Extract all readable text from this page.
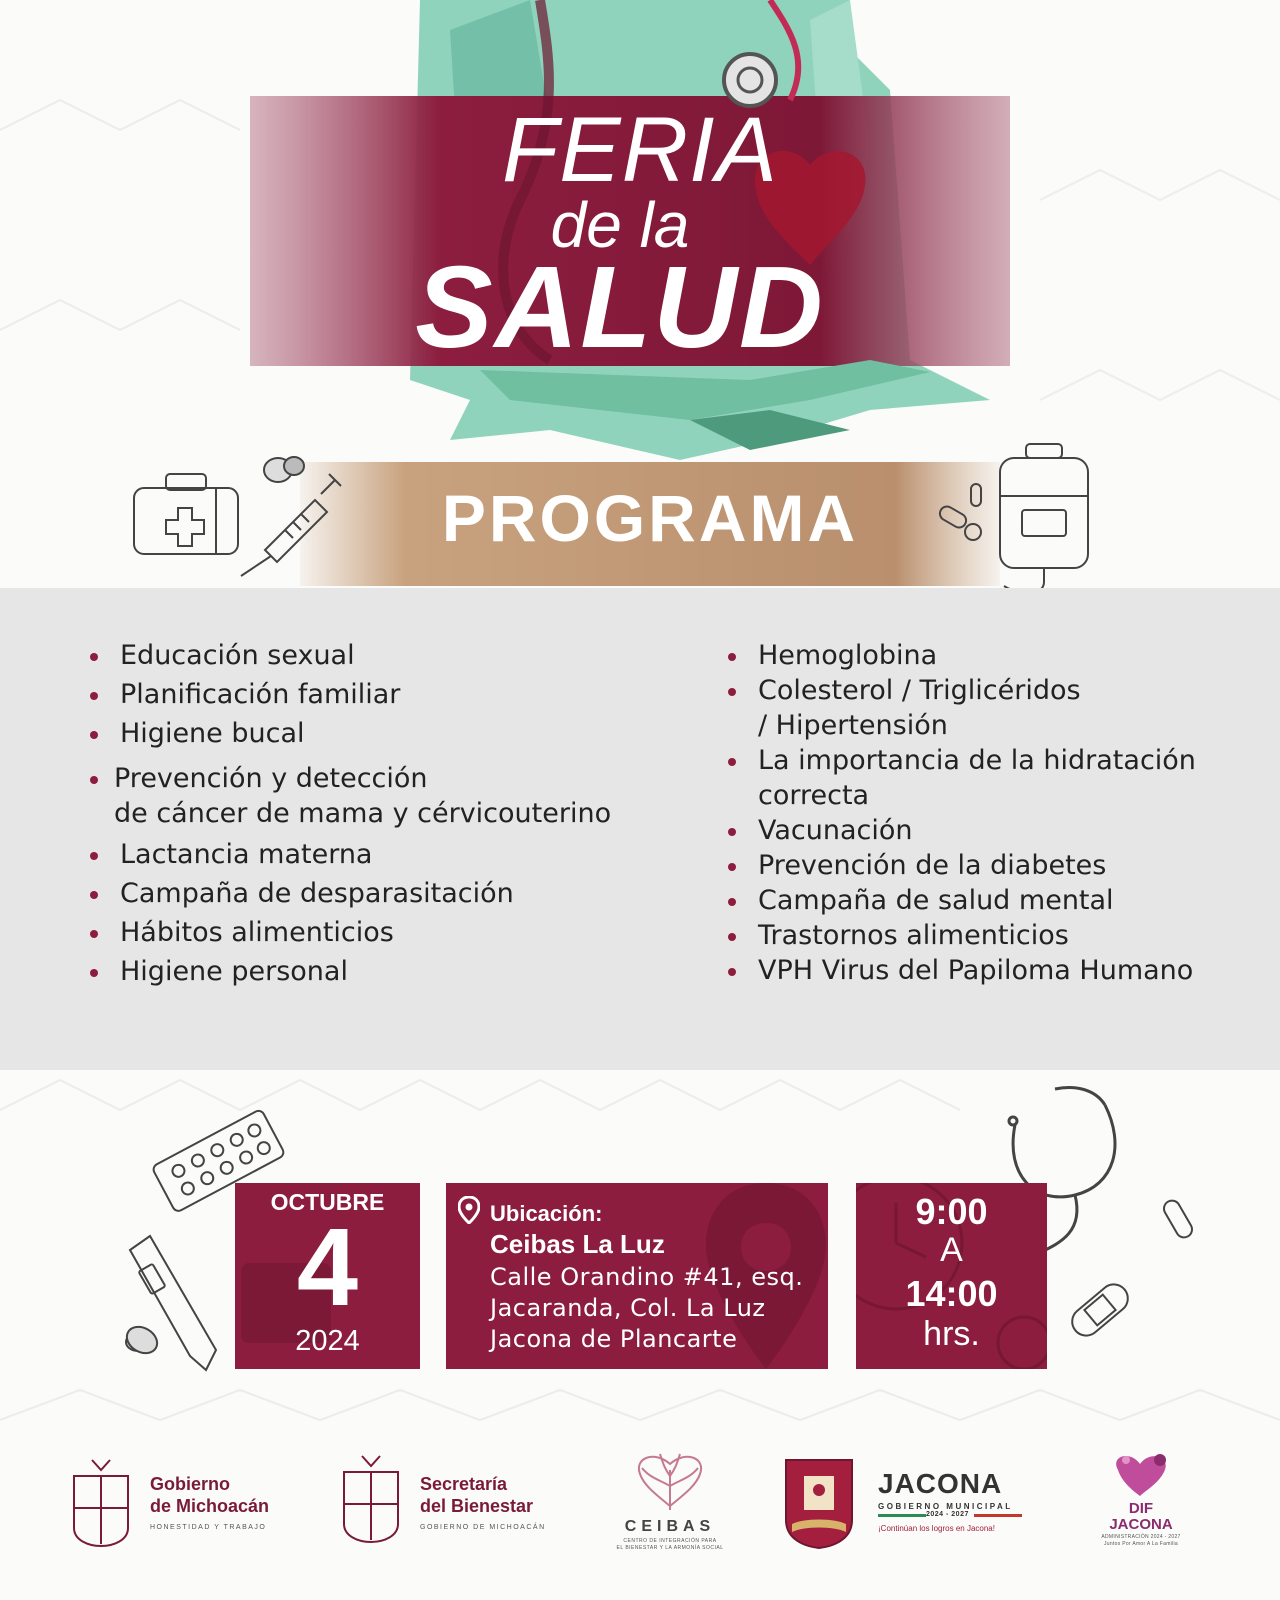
FERIA
de la
SALUD
PROGRAMA
Educación sexual
Planificación familiar
Higiene bucal
Prevención y detección
de cáncer de mama y cérvicouterino
Lactancia materna
Campaña de desparasitación
Hábitos alimenticios
Higiene personal
Hemoglobina
Colesterol / Triglicéridos
/ Hipertensión
La importancia de la hidratación
correcta
Vacunación
Prevención de la diabetes
Campaña de salud mental
Trastornos alimenticios
VPH Virus del Papiloma Humano
OCTUBRE
4
2024
Ubicación:
Ceibas La Luz
Calle Orandino #41, esq.
Jacaranda, Col. La Luz
Jacona de Plancarte
9:00
A
14:00
hrs.
Gobierno
de Michoacán
HONESTIDAD Y TRABAJO
Secretaría
del Bienestar
GOBIERNO DE MICHOACÁN	CEIBAS
CENTRO DE INTEGRACIÓN PARA
EL BIENESTAR Y LA ARMONÍA SOCIAL
JACONA
GOBIERNO MUNICIPAL
2024 - 2027
¡Continúan los logros en Jacona!
DIF
JACONA
ADMINISTRACIÓN 2024 - 2027
Juntos Por Amor A La Familia
